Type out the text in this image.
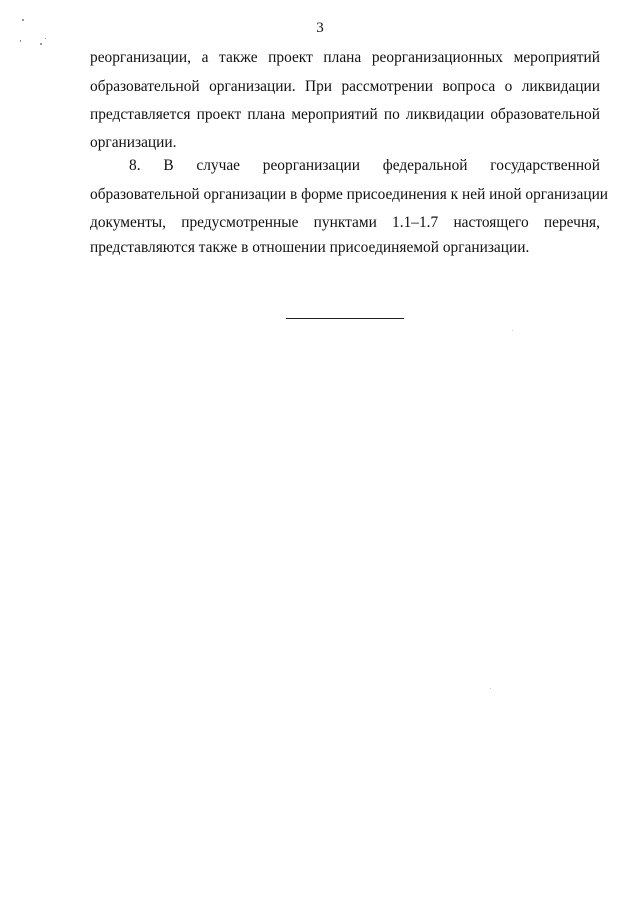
3
реорганизации, а также проект плана реорганизационных мероприятий
образовательной организации. При рассмотрении вопроса о ликвидации
представляется проект плана мероприятий по ликвидации образовательной
организации.
8. В случае реорганизации федеральной государственной
образовательной организации в форме присоединения к ней иной организации
документы, предусмотренные пунктами 1.1–1.7 настоящего перечня,
представляются также в отношении присоединяемой организации.
